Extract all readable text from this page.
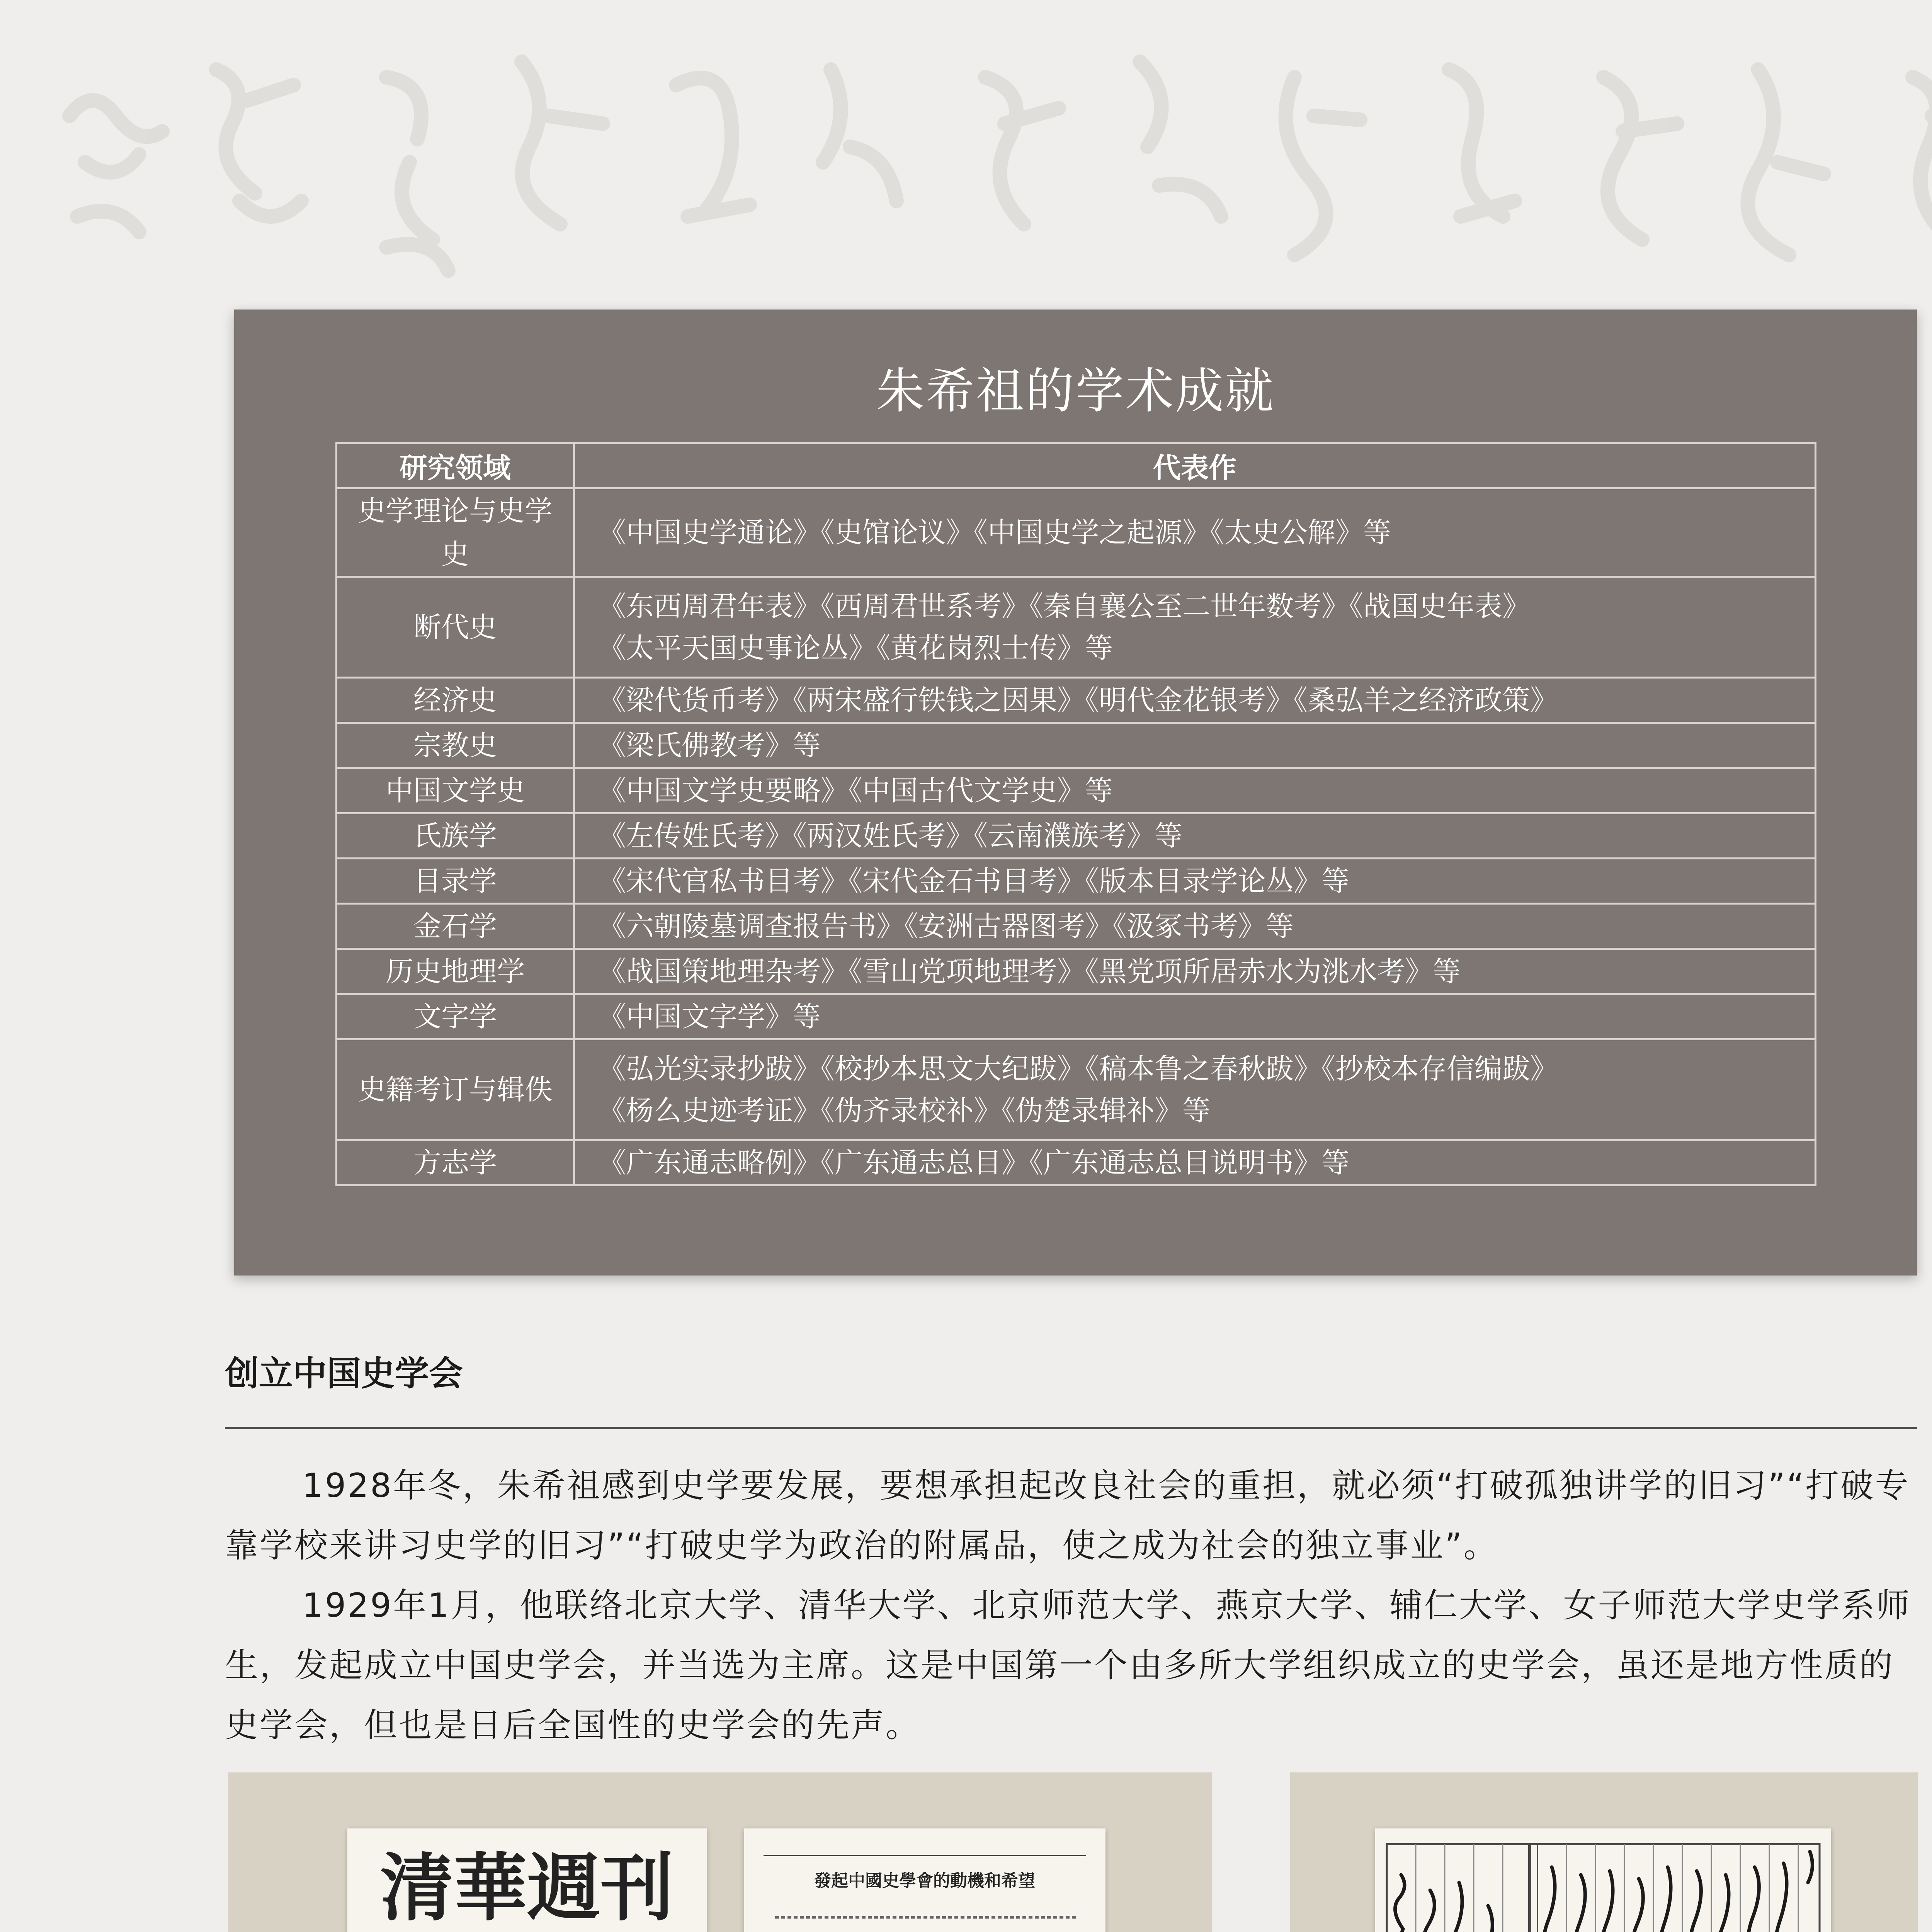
朱希祖的学术成就
研究领域	代表作
史学理论与史学史	《中国史学通论》《史馆论议》《中国史学之起源》《太史公解》等

断代史	《东西周君年表》《西周君世系考》《秦自襄公至二世年数考》《战国史年表》
《太平天国史事论丛》《黄花岗烈士传》等

经济史	《梁代货币考》《两宋盛行铁钱之因果》《明代金花银考》《桑弘羊之经济政策》

宗教史	《梁氏佛教考》等

中国文学史	《中国文学史要略》《中国古代文学史》等

氏族学	《左传姓氏考》《两汉姓氏考》《云南濮族考》等

目录学	《宋代官私书目考》《宋代金石书目考》《版本目录学论丛》等

金石学	《六朝陵墓调查报告书》《安洲古器图考》《汲冢书考》等

历史地理学	《战国策地理杂考》《雪山党项地理考》《黑党项所居赤水为洮水考》等

文字学	《中国文字学》等

史籍考订与辑佚	《弘光实录抄跋》《校抄本思文大纪跋》《稿本鲁之春秋跋》《抄校本存信编跋》
《杨么史迹考证》《伪齐录校补》《伪楚录辑补》等

方志学	《广东通志略例》《广东通志总目》《广东通志总目说明书》等
创立中国史学会

1928年冬，朱希祖感到史学要发展，要想承担起改良社会的重担，就必须“打破孤独讲学的旧习”“打破专靠学校来讲习史学的旧习”“打破史学为政治的附属品，使之成为社会的独立事业”。

1929年1月，他联络北京大学、清华大学、北京师范大学、燕京大学、辅仁大学、女子师范大学史学系师生，发起成立中国史学会，并当选为主席。这是中国第一个由多所大学组织成立的史学会，虽还是地方性质的史学会，但也是日后全国性的史学会的先声。

清華週刊	發起中國史學會的動機和希望
